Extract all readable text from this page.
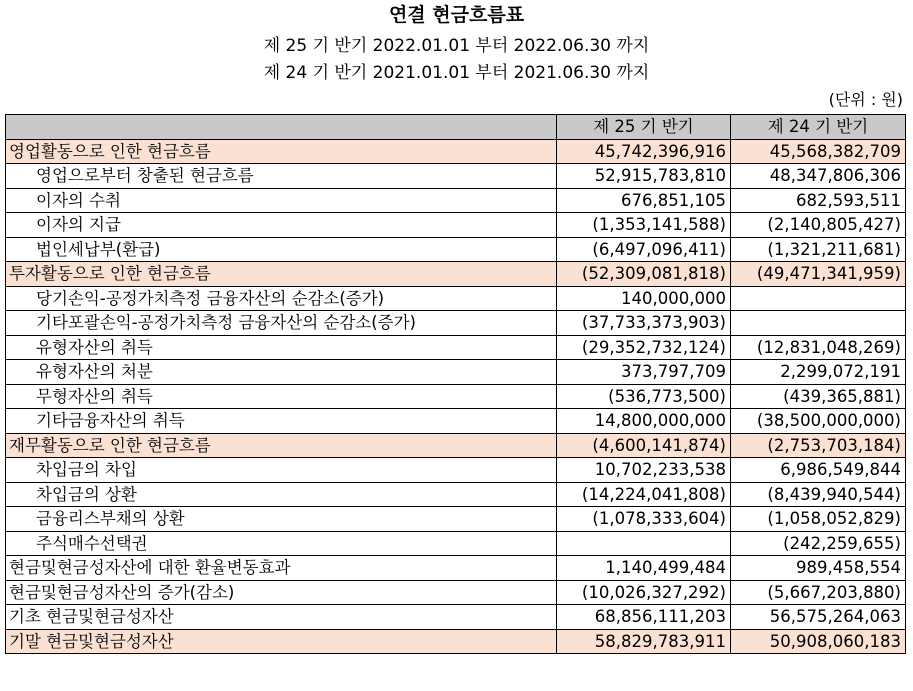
연결 현금흐름표
제 25 기 반기 2022.01.01 부터 2022.06.30 까지
제 24 기 반기 2021.01.01 부터 2021.06.30 까지
(단위 : 원)
	제 25 기 반기	제 24 기 반기
영업활동으로 인한 현금흐름	45,742,396,916	45,568,382,709
영업으로부터 창출된 현금흐름	52,915,783,810	48,347,806,306
이자의 수취	676,851,105	682,593,511
이자의 지급	(1,353,141,588)	(2,140,805,427)
법인세납부(환급)	(6,497,096,411)	(1,321,211,681)
투자활동으로 인한 현금흐름	(52,309,081,818)	(49,471,341,959)
당기손익-공정가치측정 금융자산의 순감소(증가)	140,000,000	
기타포괄손익-공정가치측정 금융자산의 순감소(증가)	(37,733,373,903)	
유형자산의 취득	(29,352,732,124)	(12,831,048,269)
유형자산의 처분	373,797,709	2,299,072,191
무형자산의 취득	(536,773,500)	(439,365,881)
기타금융자산의 취득	14,800,000,000	(38,500,000,000)
재무활동으로 인한 현금흐름	(4,600,141,874)	(2,753,703,184)
차입금의 차입	10,702,233,538	6,986,549,844
차입금의 상환	(14,224,041,808)	(8,439,940,544)
금융리스부채의 상환	(1,078,333,604)	(1,058,052,829)
주식매수선택권		(242,259,655)
현금및현금성자산에 대한 환율변동효과	1,140,499,484	989,458,554
현금및현금성자산의 증가(감소)	(10,026,327,292)	(5,667,203,880)
기초 현금및현금성자산	68,856,111,203	56,575,264,063
기말 현금및현금성자산	58,829,783,911	50,908,060,183
